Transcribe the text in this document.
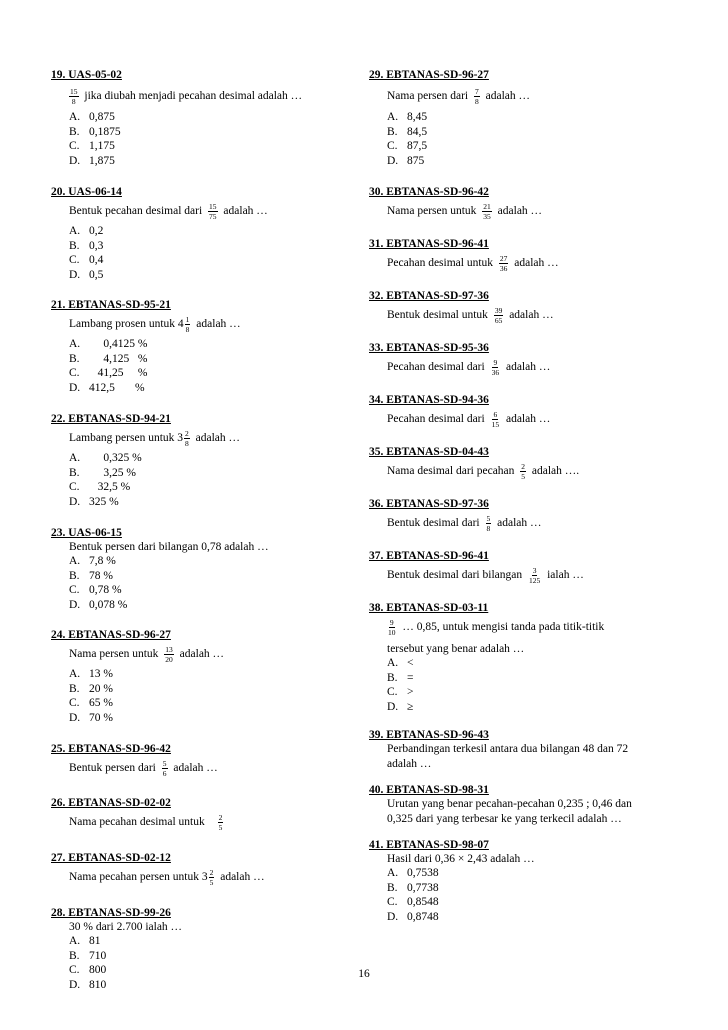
19. UAS-05-02
$\frac{15}{8}$ jika diubah menjadi pecahan desimal adalah …
A. 0,875
B. 0,1875
C. 1,175
D. 1,875
20. UAS-06-14
Bentuk pecahan desimal dari $\frac{15}{75}$ adalah …
A. 0,2
B. 0,3
C. 0,4
D. 0,5
21. EBTANAS-SD-95-21
Lambang prosen untuk $4 \frac{1}{8}$ adalah …
A.     0,4125 %
B.     4,125   %
C.   41,25     %
D. 412,5       %
22. EBTANAS-SD-94-21
Lambang persen untuk $3 \frac{2}{8}$ adalah …
A.     0,325 %
B.     3,25 %
C.   32,5 %
D. 325 %
23. UAS-06-15
Bentuk persen dari bilangan 0,78 adalah …
A. 7,8 %
B. 78 %
C. 0,78 %
D. 0,078 %
24. EBTANAS-SD-96-27
Nama persen untuk $\frac{13}{20}$ adalah …
A. 13 %
B. 20 %
C. 65 %
D. 70 %
25. EBTANAS-SD-96-42
Bentuk persen dari $\frac{5}{6}$ adalah …
26. EBTANAS-SD-02-02
Nama pecahan desimal untuk $\frac{2}{5}$
27. EBTANAS-SD-02-12
Nama pecahan persen untuk $3 \frac{2}{5}$ adalah …
28. EBTANAS-SD-99-26
30 % dari 2.700 ialah …
A. 81
B. 710
C. 800
D. 810
29. EBTANAS-SD-96-27
Nama persen dari $\frac{7}{8}$ adalah …
A. 8,45
B. 84,5
C. 87,5
D. 875
30. EBTANAS-SD-96-42
Nama persen untuk $\frac{21}{35}$ adalah …
31. EBTANAS-SD-96-41
Pecahan desimal untuk $\frac{27}{36}$ adalah …
32. EBTANAS-SD-97-36
Bentuk desimal untuk $\frac{39}{65}$ adalah …
33. EBTANAS-SD-95-36
Pecahan desimal dari $\frac{9}{36}$ adalah …
34. EBTANAS-SD-94-36
Pecahan desimal dari $\frac{6}{15}$ adalah …
35. EBTANAS-SD-04-43
Nama desimal dari pecahan $\frac{2}{5}$ adalah ….
36. EBTANAS-SD-97-36
Bentuk desimal dari $\frac{5}{8}$ adalah …
37. EBTANAS-SD-96-41
Bentuk desimal dari bilangan $\frac{3}{125}$ ialah …
38. EBTANAS-SD-03-11
$\frac{9}{10}$ … 0,85, untuk mengisi tanda pada titik-titik
tersebut yang benar adalah …
A. <
B. =
C. >
D. ≥
39. EBTANAS-SD-96-43
Perbandingan terkesil antara dua bilangan 48 dan 72
adalah …
40. EBTANAS-SD-98-31
Urutan yang benar pecahan-pecahan 0,235 ; 0,46 dan
0,325 dari yang terbesar ke yang terkecil adalah …
41. EBTANAS-SD-98-07
Hasil dari 0,36 × 2,43 adalah …
A. 0,7538
B. 0,7738
C. 0,8548
D. 0,8748
16
